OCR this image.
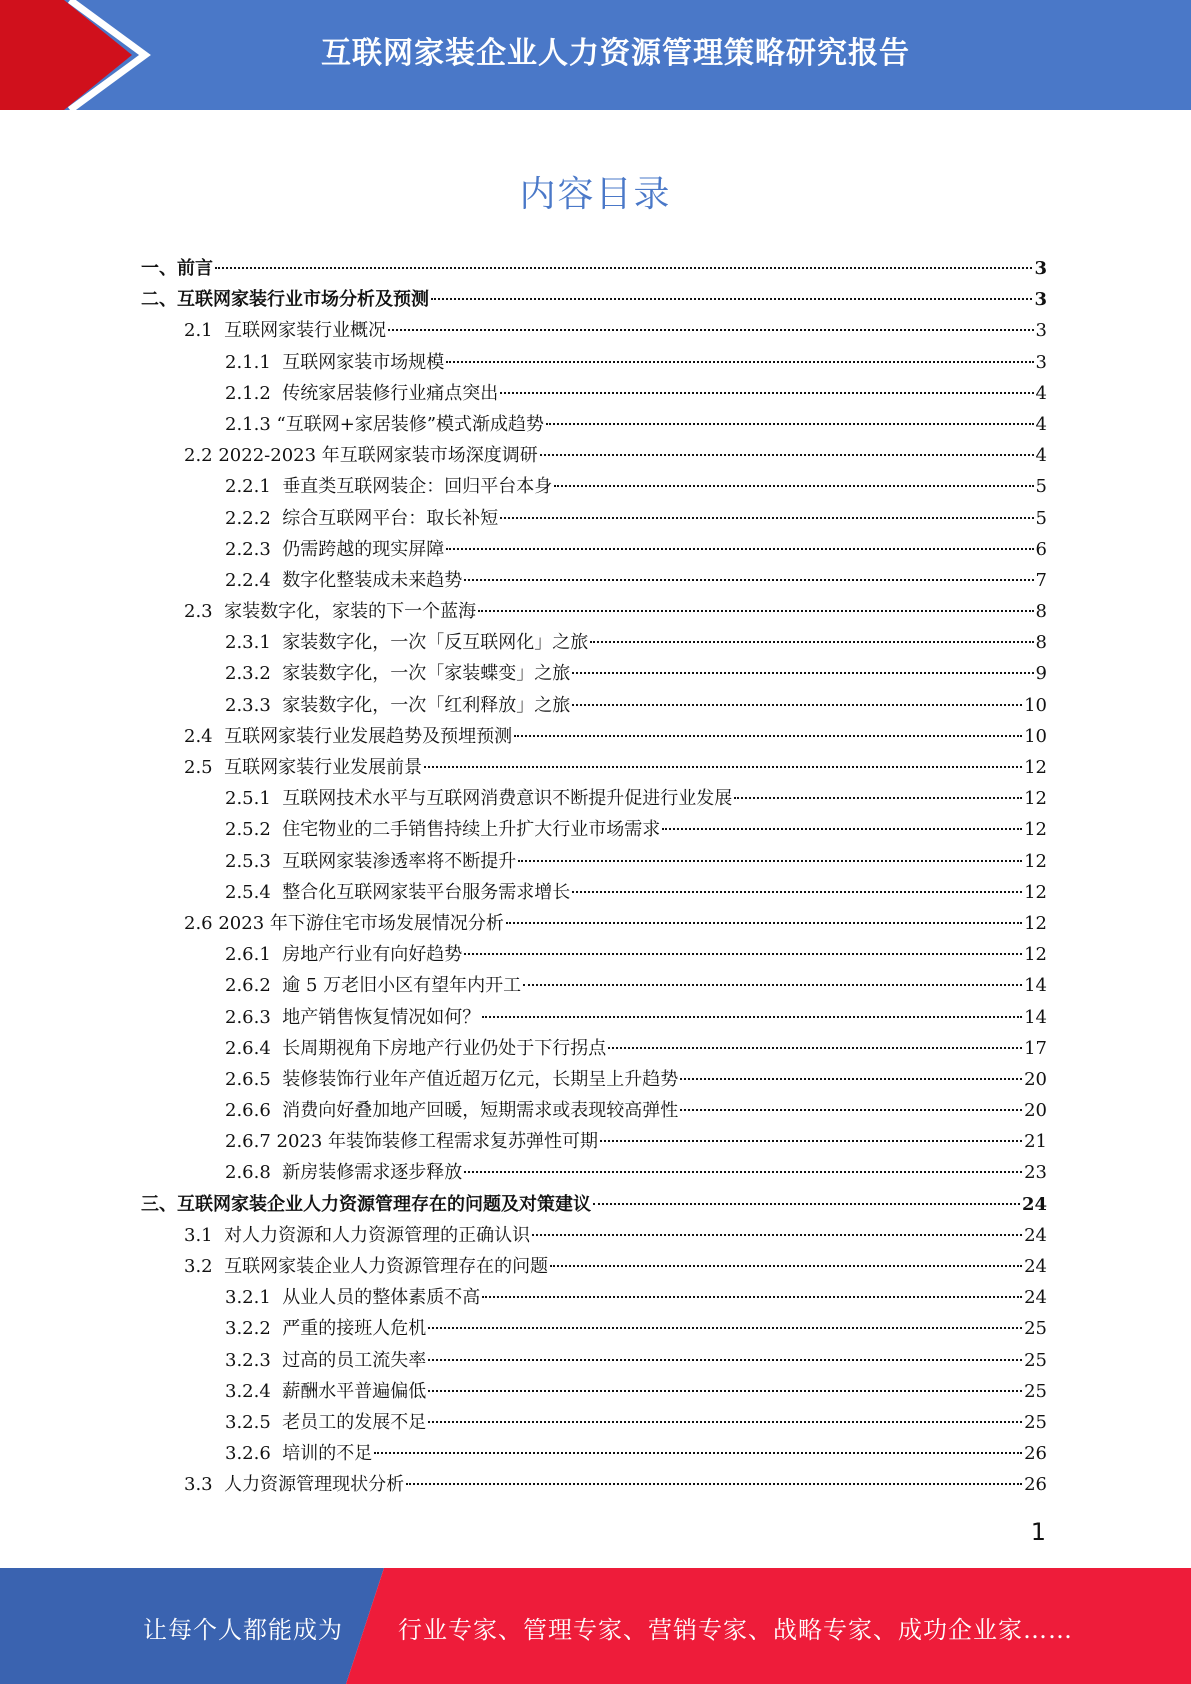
互联网家装企业人力资源管理策略研究报告
内容目录
一、 前言	3
二、 互联网家装行业市场分析及预测	3
2.1 互联网家装行业概况	3
2.1.1 互联网家装市场规模	3
2.1.2 传统家居装修行业痛点突出	4
2.1.3 “互联网+家居装修”模式渐成趋势	4
2.2 2022-2023 年互联网家装市场深度调研	4
2.2.1 垂直类互联网装企：回归平台本身	5
2.2.2 综合互联网平台：取长补短	5
2.2.3 仍需跨越的现实屏障	6
2.2.4 数字化整装成未来趋势	7
2.3 家装数字化，家装的下一个蓝海	8
2.3.1 家装数字化，一次「反互联网化」之旅	8
2.3.2 家装数字化，一次「家装蝶变」之旅	9
2.3.3 家装数字化，一次「红利释放」之旅	10
2.4 互联网家装行业发展趋势及预埋预测	10
2.5 互联网家装行业发展前景	12
2.5.1 互联网技术水平与互联网消费意识不断提升促进行业发展	12
2.5.2 住宅物业的二手销售持续上升扩大行业市场需求	12
2.5.3 互联网家装渗透率将不断提升	12
2.5.4 整合化互联网家装平台服务需求增长	12
2.6 2023 年下游住宅市场发展情况分析	12
2.6.1 房地产行业有向好趋势	12
2.6.2 逾 5 万老旧小区有望年内开工	14
2.6.3 地产销售恢复情况如何？	14
2.6.4 长周期视角下房地产行业仍处于下行拐点	17
2.6.5 装修装饰行业年产值近超万亿元，长期呈上升趋势	20
2.6.6 消费向好叠加地产回暖，短期需求或表现较高弹性	20
2.6.7 2023 年装饰装修工程需求复苏弹性可期	21
2.6.8 新房装修需求逐步释放	23
三、 互联网家装企业人力资源管理存在的问题及对策建议	24
3.1 对人力资源和人力资源管理的正确认识	24
3.2 互联网家装企业人力资源管理存在的问题	24
3.2.1 从业人员的整体素质不高	24
3.2.2 严重的接班人危机	25
3.2.3 过高的员工流失率	25
3.2.4 薪酬水平普遍偏低	25
3.2.5 老员工的发展不足	25
3.2.6 培训的不足	26
3.3 人力资源管理现状分析	26
1
让每个人都能成为 行业专家、管理专家、营销专家、战略专家、成功企业家……
